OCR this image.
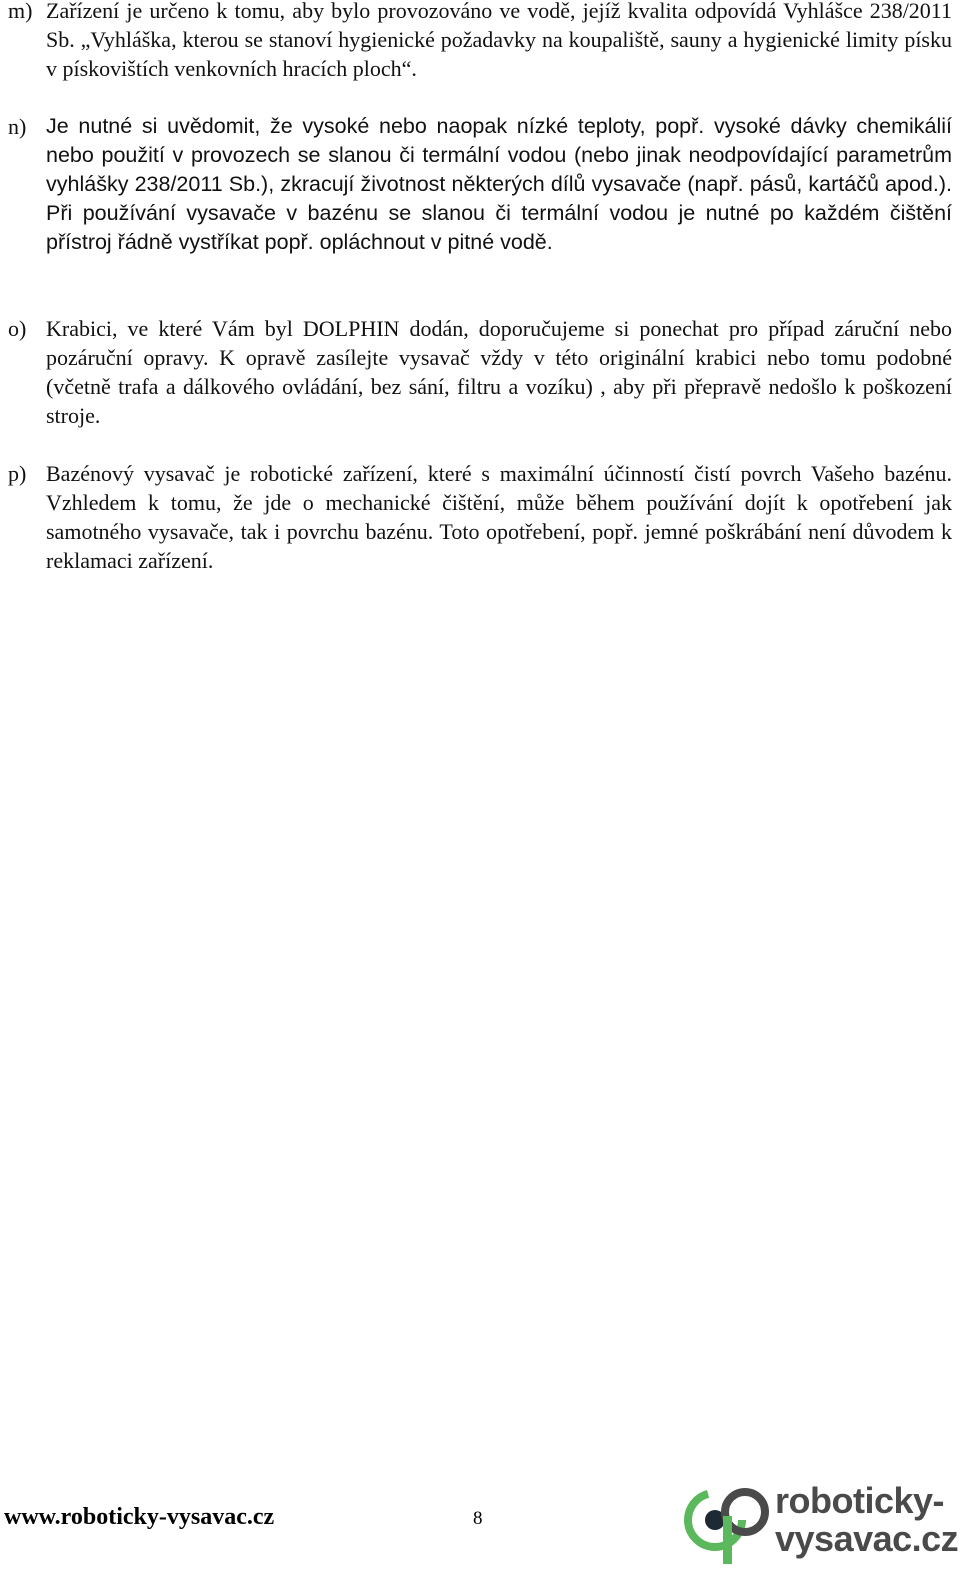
m) Zařízení je určeno k tomu, aby bylo provozováno ve vodě, jejíž kvalita odpovídá Vyhlášce 238/2011 Sb. „Vyhláška, kterou se stanoví hygienické požadavky na koupaliště, sauny a hygienické limity písku v pískovištích venkovních hracích ploch“.
n) Je nutné si uvědomit, že vysoké nebo naopak nízké teploty, popř. vysoké dávky chemikálií nebo použití v provozech se slanou či termální vodou (nebo jinak neodpovídající parametrům vyhlášky 238/2011 Sb.), zkracují životnost některých dílů vysavače (např. pásů, kartáčů apod.). Při používání vysavače v bazénu se slanou či termální vodou je nutné po každém čištění přístroj řádně vystříkat popř. opláchnout v pitné vodě.
o) Krabici, ve které Vám byl DOLPHIN dodán, doporučujeme si ponechat pro případ záruční nebo pozáruční opravy. K opravě zasílejte vysavač vždy v této originální krabici nebo tomu podobné (včetně trafa a dálkového ovládání, bez sání, filtru a vozíku) , aby při přepravě nedošlo k poškození stroje.
p) Bazénový vysavač je robotické zařízení, které s maximální účinností čistí povrch Vašeho bazénu. Vzhledem k tomu, že jde o mechanické čištění, může během používání dojít k opotřebení jak samotného vysavače, tak i povrchu bazénu. Toto opotřebení, popř. jemné poškrábání není důvodem k reklamaci zařízení.
www.roboticky-vysavac.cz	8	roboticky-
vysavac.cz
